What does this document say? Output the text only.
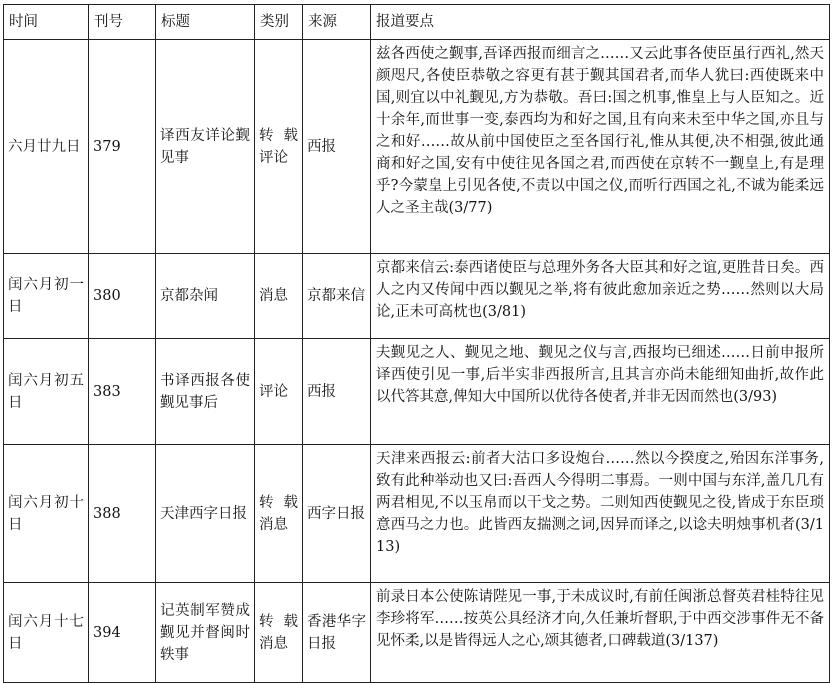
时间	刊号	标题	类别	来源	报道要点
六月廿九日	379	译西友详论觐见事	转载评论	西报	兹各西使之觐事,吾译西报而细言之……又云此事各使臣虽行西礼,然天颜咫尺,各使臣恭敬之容更有甚于觐其国君者,而华人犹曰:西使既来中国,则宜以中礼觐见,方为恭敬。吾曰:国之机事,惟皇上与人臣知之。近十余年,而世事一变,泰西均为和好之国,且有向来未至中华之国,亦且与之和好……故从前中国使臣之至各国行礼,惟从其便,决不相强,彼此通商和好之国,安有中使往见各国之君,而西使在京转不一觐皇上,有是理乎?今蒙皇上引见各使,不责以中国之仪,而听行西国之礼,不诚为能柔远人之圣主哉(3/77)
闰六月初一日	380	京都杂闻	消息	京都来信	京都来信云:泰西诸使臣与总理外务各大臣其和好之谊,更胜昔日矣。西人之内又传闻中西以觐见之举,将有彼此愈加亲近之势……然则以大局论,正未可高枕也(3/81)
闰六月初五日	383	书译西报各使觐见事后	评论	西报	夫觐见之人、觐见之地、觐见之仪与言,西报均已细述……日前申报所译西使引见一事,后半实非西报所言,且其言亦尚未能细知曲折,故作此以代答其意,俾知大中国所以优待各使者,并非无因而然也(3/93)
闰六月初十日	388	天津西字日报	转载消息	西字日报	天津来西报云:前者大沽口多设炮台……然以今揆度之,殆因东洋事务,致有此种举动也又曰:吾西人今得明二事焉。一则中国与东洋,盖几几有两君相见,不以玉帛而以干戈之势。二则知西使觐见之役,皆成于东臣琐意西马之力也。此皆西友揣测之词,因异而译之,以谂夫明烛事机者(3/113)
闰六月十七日	394	记英制军赞成觐见并督闽时轶事	转载消息	香港华字日报	前录日本公使陈请陛见一事,于未成议时,有前任闽浙总督英君桂特往见李珍将军……按英公具经济才向,久任兼圻督职,于中西交涉事件无不备见怀柔,以是皆得远人之心,颂其德者,口碑载道(3/137)
